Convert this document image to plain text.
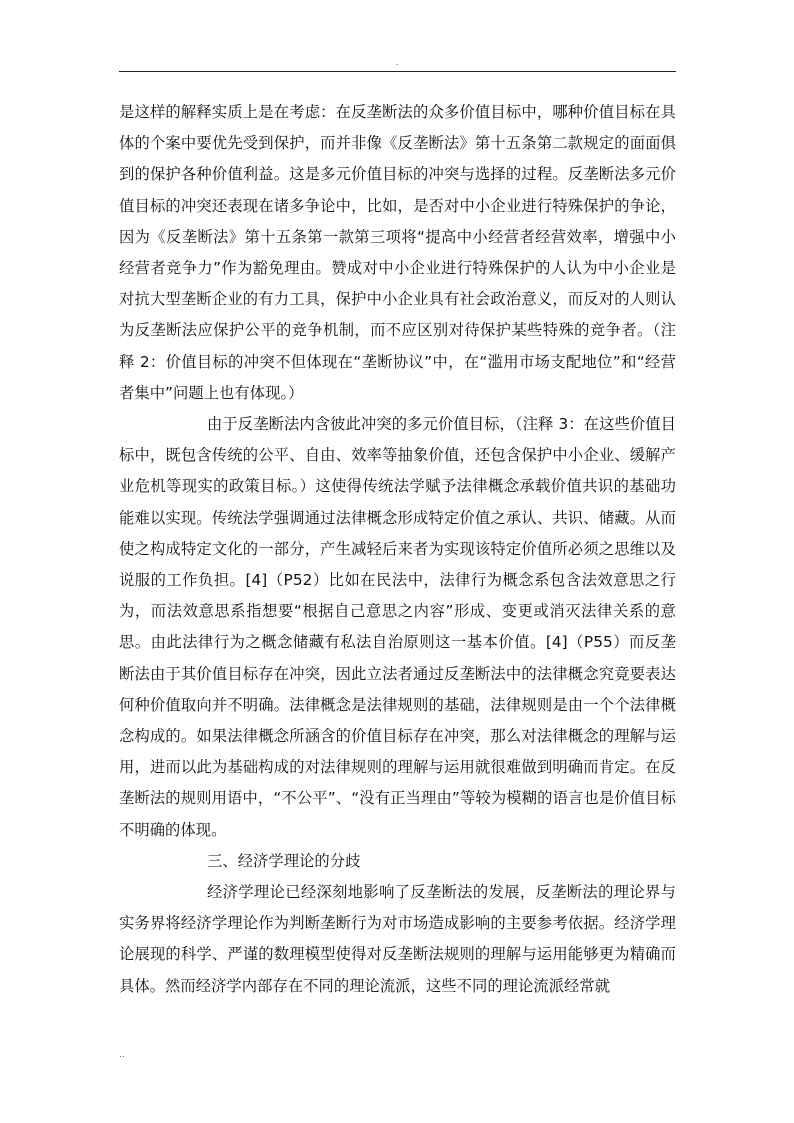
.

是这样的解释实质上是在考虑：在反垄断法的众多价值目标中，哪种价值目标在具体的个案中要优先受到保护，而并非像《反垄断法》第十五条第二款规定的面面俱到的保护各种价值利益。这是多元价值目标的冲突与选择的过程。反垄断法多元价值目标的冲突还表现在诸多争论中，比如，是否对中小企业进行特殊保护的争论，因为《反垄断法》第十五条第一款第三项将“提高中小经营者经营效率，增强中小经营者竞争力”作为豁免理由。赞成对中小企业进行特殊保护的人认为中小企业是对抗大型垄断企业的有力工具，保护中小企业具有社会政治意义，而反对的人则认为反垄断法应保护公平的竞争机制，而不应区别对待保护某些特殊的竞争者。（注释 2：价值目标的冲突不但体现在“垄断协议”中，在“滥用市场支配地位”和“经营者集中”问题上也有体现。）

由于反垄断法内含彼此冲突的多元价值目标，（注释 3：在这些价值目标中，既包含传统的公平、自由、效率等抽象价值，还包含保护中小企业、缓解产业危机等现实的政策目标。）这使得传统法学赋予法律概念承载价值共识的基础功能难以实现。传统法学强调通过法律概念形成特定价值之承认、共识、储藏。从而使之构成特定文化的一部分，产生减轻后来者为实现该特定价值所必须之思维以及说服的工作负担。[4]（P52）比如在民法中，法律行为概念系包含法效意思之行为，而法效意思系指想要“根据自己意思之内容”形成、变更或消灭法律关系的意思。由此法律行为之概念储藏有私法自治原则这一基本价值。[4]（P55）而反垄断法由于其价值目标存在冲突，因此立法者通过反垄断法中的法律概念究竟要表达何种价值取向并不明确。法律概念是法律规则的基础，法律规则是由一个个法律概念构成的。如果法律概念所涵含的价值目标存在冲突，那么对法律概念的理解与运用，进而以此为基础构成的对法律规则的理解与运用就很难做到明确而肯定。在反垄断法的规则用语中，“不公平”、“没有正当理由”等较为模糊的语言也是价值目标不明确的体现。

三、经济学理论的分歧

经济学理论已经深刻地影响了反垄断法的发展，反垄断法的理论界与实务界将经济学理论作为判断垄断行为对市场造成影响的主要参考依据。经济学理论展现的科学、严谨的数理模型使得对反垄断法规则的理解与运用能够更为精确而具体。然而经济学内部存在不同的理论流派，这些不同的理论流派经常就

..
